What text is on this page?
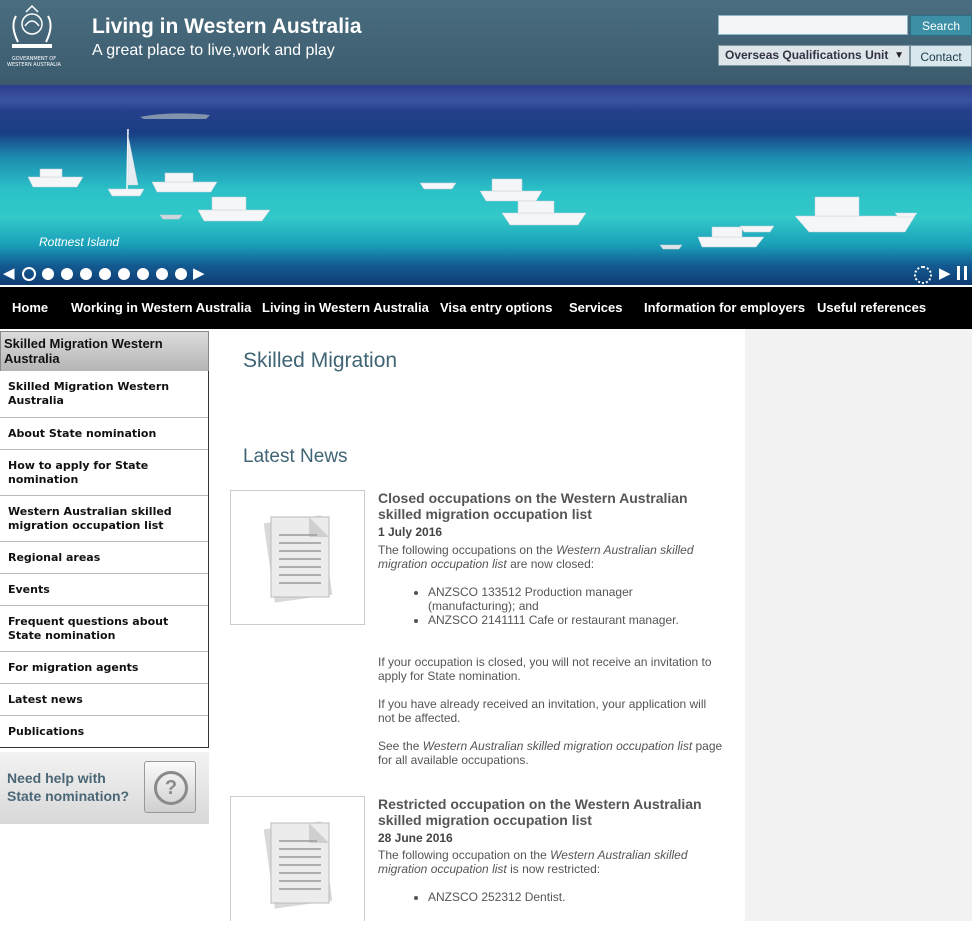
GOVERNMENT OF WESTERN AUSTRALIA
Living in Western Australia
A great place to live,work and play
Search
Overseas Qualifications Unit ▼	Contact
Rottnest Island
◀	▶	▶
Home Working in Western Australia Living in Western Australia Visa entry options Services Information for employers Useful references
Skilled Migration Western Australia
Skilled Migration Western Australia
About State nomination
How to apply for State nomination
Western Australian skilled migration occupation list
Regional areas
Events
Frequent questions about State nomination
For migration agents
Latest news
Publications
Need help with
State nomination?	?
Skilled Migration
Latest News
Closed occupations on the Western Australian skilled migration occupation list
1 July 2016

The following occupations on the Western Australian skilled migration occupation list are now closed:

• ANZSCO 133512 Production manager (manufacturing); and
• ANZSCO 2141111 Cafe or restaurant manager.

If your occupation is closed, you will not receive an invitation to apply for State nomination.

If you have already received an invitation, your application will not be affected.

See the Western Australian skilled migration occupation list page for all available occupations.

Restricted occupation on the Western Australian skilled migration occupation list
28 June 2016

The following occupation on the Western Australian skilled migration occupation list is now restricted:

• ANZSCO 252312 Dentist.
